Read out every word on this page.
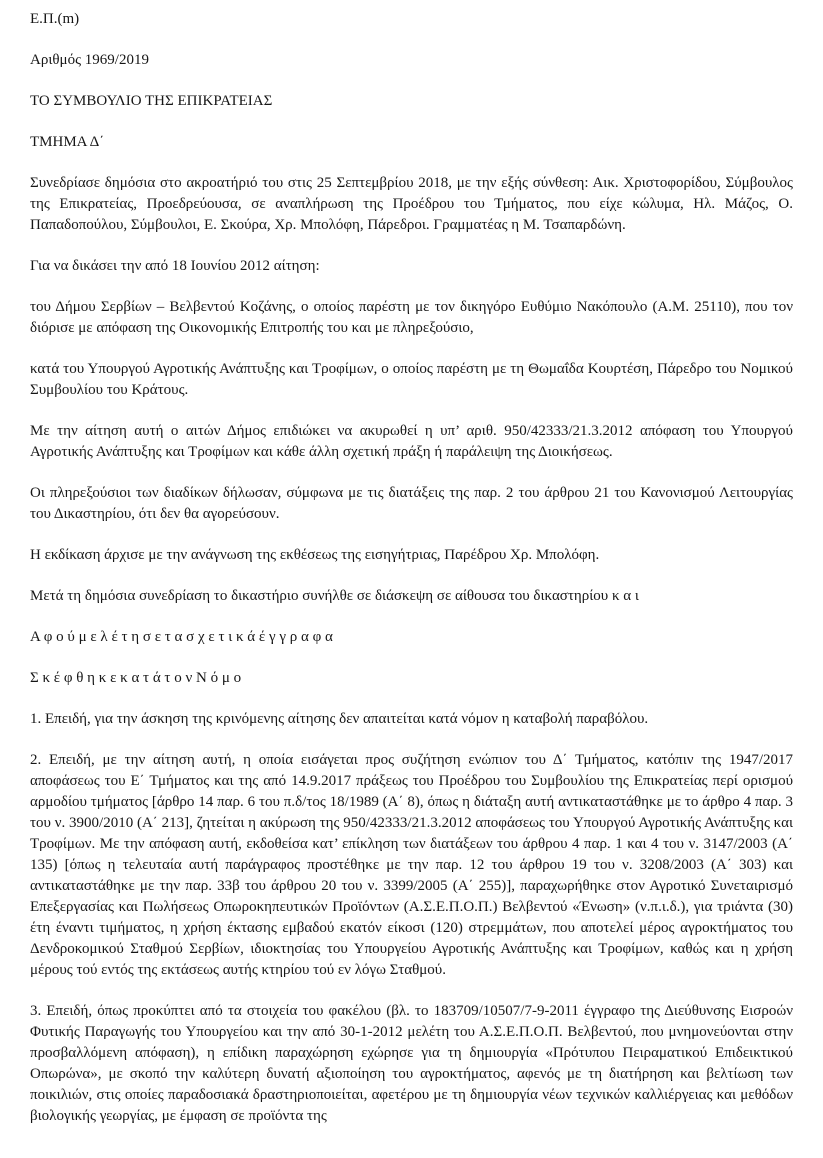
Ε.Π.(m)

Αριθμός 1969/2019

ΤΟ ΣΥΜΒΟΥΛΙΟ ΤΗΣ ΕΠΙΚΡΑΤΕΙΑΣ

ΤΜΗΜΑ Δ΄

Συνεδρίασε δημόσια στο ακροατήριό του στις 25 Σεπτεμβρίου 2018, με την εξής σύνθεση: Αικ. Χριστοφορίδου, Σύμβουλος της Επικρατείας, Προεδρεύουσα, σε αναπλήρωση της Προέδρου του Τμήματος, που είχε κώλυμα, Ηλ. Μάζος, Ο. Παπαδοπούλου, Σύμβουλοι, Ε. Σκούρα, Χρ. Μπολόφη, Πάρεδροι. Γραμματέας η Μ. Τσαπαρδώνη.

Για να δικάσει την από 18 Ιουνίου 2012 αίτηση:

του Δήμου Σερβίων – Βελβεντού Κοζάνης, ο οποίος παρέστη με τον δικηγόρο Ευθύμιο Νακόπουλο (Α.Μ. 25110), που τον διόρισε με απόφαση της Οικονομικής Επιτροπής του και με πληρεξούσιο,

κατά του Υπουργού Αγροτικής Ανάπτυξης και Τροφίμων, ο οποίος παρέστη με τη Θωμαΐδα Κουρτέση, Πάρεδρο του Νομικού Συμβουλίου του Κράτους.

Με την αίτηση αυτή ο αιτών Δήμος επιδιώκει να ακυρωθεί η υπ’ αριθ. 950/42333/21.3.2012 απόφαση του Υπουργού Αγροτικής Ανάπτυξης και Τροφίμων και κάθε άλλη σχετική πράξη ή παράλειψη της Διοικήσεως.

Οι πληρεξούσιοι των διαδίκων δήλωσαν, σύμφωνα με τις διατάξεις της παρ. 2 του άρθρου 21 του Κανονισμού Λειτουργίας του Δικαστηρίου, ότι δεν θα αγορεύσουν.

Η εκδίκαση άρχισε με την ανάγνωση της εκθέσεως της εισηγήτριας, Παρέδρου Χρ. Μπολόφη.

Μετά τη δημόσια συνεδρίαση το δικαστήριο συνήλθε σε διάσκεψη σε αίθουσα του δικαστηρίου κ α ι

Α φ ο ύ μ ε λ έ τ η σ ε τ α σ χ ε τ ι κ ά έ γ γ ρ α φ α

Σ κ έ φ θ η κ ε κ α τ ά τ ο ν Ν ό μ ο

1. Επειδή, για την άσκηση της κρινόμενης αίτησης δεν απαιτείται κατά νόμον η καταβολή παραβόλου.

2. Επειδή, με την αίτηση αυτή, η οποία εισάγεται προς συζήτηση ενώπιον του Δ΄ Τμήματος, κατόπιν της 1947/2017 αποφάσεως του Ε΄ Τμήματος και της από 14.9.2017 πράξεως του Προέδρου του Συμβουλίου της Επικρατείας περί ορισμού αρμοδίου τμήματος [άρθρο 14 παρ. 6 του π.δ/τος 18/1989 (Α΄ 8), όπως η διάταξη αυτή αντικαταστάθηκε με το άρθρο 4 παρ. 3 του ν. 3900/2010 (Α΄ 213], ζητείται η ακύρωση της 950/42333/21.3.2012 αποφάσεως του Υπουργού Αγροτικής Ανάπτυξης και Τροφίμων. Με την απόφαση αυτή, εκδοθείσα κατ’ επίκληση των διατάξεων του άρθρου 4 παρ. 1 και 4 του ν. 3147/2003 (Α΄ 135) [όπως η τελευταία αυτή παράγραφος προστέθηκε με την παρ. 12 του άρθρου 19 του ν. 3208/2003 (Α΄ 303) και αντικαταστάθηκε με την παρ. 33β του άρθρου 20 του ν. 3399/2005 (Α΄ 255)], παραχωρήθηκε στον Αγροτικό Συνεταιρισμό Επεξεργασίας και Πωλήσεως Οπωροκηπευτικών Προϊόντων (Α.Σ.Ε.Π.Ο.Π.) Βελβεντού «Ένωση» (ν.π.ι.δ.), για τριάντα (30) έτη έναντι τιμήματος, η χρήση έκτασης εμβαδού εκατόν είκοσι (120) στρεμμάτων, που αποτελεί μέρος αγροκτήματος του Δενδροκομικού Σταθμού Σερβίων, ιδιοκτησίας του Υπουργείου Αγροτικής Ανάπτυξης και Τροφίμων, καθώς και η χρήση μέρους τού εντός της εκτάσεως αυτής κτηρίου τού εν λόγω Σταθμού.

3. Επειδή, όπως προκύπτει από τα στοιχεία του φακέλου (βλ. το 183709/10507/7-9-2011 έγγραφο της Διεύθυνσης Εισροών Φυτικής Παραγωγής του Υπουργείου και την από 30-1-2012 μελέτη του Α.Σ.Ε.Π.Ο.Π. Βελβεντού, που μνημονεύονται στην προσβαλλόμενη απόφαση), η επίδικη παραχώρηση εχώρησε για τη δημιουργία «Πρότυπου Πειραματικού Επιδεικτικού Οπωρώνα», με σκοπό την καλύτερη δυνατή αξιοποίηση του αγροκτήματος, αφενός με τη διατήρηση και βελτίωση των ποικιλιών, στις οποίες παραδοσιακά δραστηριοποιείται, αφετέρου με τη δημιουργία νέων τεχνικών καλλιέργειας και μεθόδων βιολογικής γεωργίας, με έμφαση σε προϊόντα της
